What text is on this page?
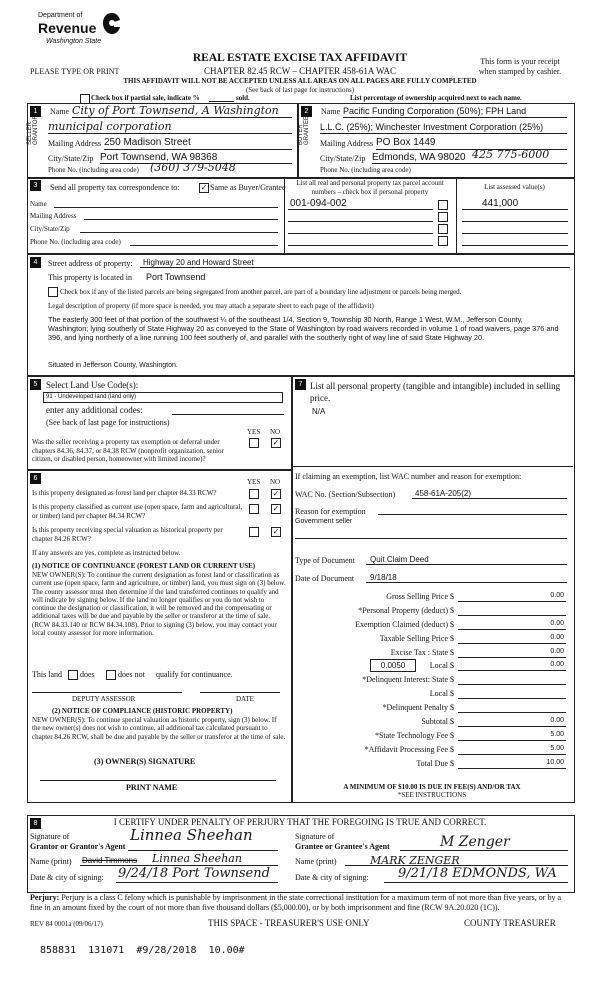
Department of
Revenue
Washington State
PLEASE TYPE OR PRINT
REAL ESTATE EXCISE TAX AFFIDAVIT
CHAPTER 82.45 RCW – CHAPTER 458-61A WAC
This form is your receipt
when stamped by cashier.
THIS AFFIDAVIT WILL NOT BE ACCEPTED UNLESS ALL AREAS ON ALL PAGES ARE FULLY COMPLETED
(See back of last page for instructions)
Check box if partial sale, indicate %	sold.	List percentage of ownership acquired next to each name.
1	2
SELLER GRANTOR	BUYER GRANTEE
Name City of Port Townsend, A Washington
municipal corporation
Mailing Address 250 Madison Street
City/State/Zip Port Townsend, WA 98368
Phone No. (including area code) (360) 379-5048
Name Pacific Funding Corporation (50%); FPH Land
L.L.C. (25%); Winchester Investment Corporation (25%)
Mailing Address PO Box 1449
City/State/Zip Edmonds, WA 98020 425 775-6000
Phone No. (including area code)
3	Send all property tax correspondence to:	✓ Same as Buyer/Grantee
Name
Mailing Address
City/State/Zip
Phone No. (including area code)
List all real and personal property tax parcel account numbers – check box if personal property
List assessed value(s)
001-094-002	441,000
4	Street address of property: Highway 20 and Howard Street
This property is located in Port Townsend
Check box if any of the listed parcels are being segregated from another parcel, are part of a boundary line adjustment or parcels being merged.
Legal description of property (if more space is needed, you may attach a separate sheet to each page of the affidavit)
The easterly 300 feet of that portion of the southwest ¼ of the southeast 1/4, Section 9, Township 30 North, Range 1 West, W.M., Jefferson County, Washington; lying southerly of State Highway 20 as conveyed to the State of Washington by road waivers recorded in volume 1 of road waivers, page 376 and 396, and lying northerly of a line running 100 feet southerly of, and parallel with the southerly right of way line of said State Highway 20.
Situated in Jefferson County, Washington.
5 Select Land Use Code(s):
91 - Undeveloped land (land only)
enter any additional codes:
(See back of last page for instructions)
YES NO
Was the seller receiving a property tax exemption or deferral under chapters 84.36, 84.37, or 84.38 RCW (nonprofit organization, senior citizen, or disabled person, homeowner with limited income)?
✓
6	YES NO
Is this property designated as forest land per chapter 84.33 RCW?	✓
Is this property classified as current use (open space, farm and agricultural, or timber) land per chapter 84.34 RCW?
✓
Is this property receiving special valuation as historical property per chapter 84.26 RCW?
✓
If any answers are yes, complete as instructed below.
(1) NOTICE OF CONTINUANCE (FOREST LAND OR CURRENT USE)
NEW OWNER(S): To continue the current designation as forest land or classification as current use (open space, farm and agriculture, or timber) land, you must sign on (3) below. The county assessor must then determine if the land transferred continues to qualify and will indicate by signing below. If the land no longer qualifies or you do not wish to continue the designation or classification, it will be removed and the compensating or additional taxes will be due and payable by the seller or transferor at the time of sale. (RCW 84.33.140 or RCW 84.34.108). Prior to signing (3) below, you may contact your local county assessor for more information.
This land does	does not qualify for continuance.
DEPUTY ASSESSOR	DATE
(2) NOTICE OF COMPLIANCE (HISTORIC PROPERTY)
NEW OWNER(S): To continue special valuation as historic property, sign (3) below. If the new owner(s) does not wish to continue, all additional tax calculated pursuant to chapter 84.26 RCW, shall be due and payable by the seller or transferor at the time of sale.
(3) OWNER(S) SIGNATURE
PRINT NAME
7 List all personal property (tangible and intangible) included in selling price.
N/A
If claiming an exemption, list WAC number and reason for exemption:
WAC No. (Section/Subsection) 458-61A-205(2)
Reason for exemption
Government seller
Type of Document Quit Claim Deed
Date of Document 9/18/18
Gross Selling Price $	0.00
*Personal Property (deduct) $
Exemption Claimed (deduct) $	0.00
Taxable Selling Price $	0.00
Excise Tax : State $	0.00
0.0050	Local $	0.00
*Delinquent Interest: State $
Local $
*Delinquent Penalty $
Subtotal $	0.00
*State Technology Fee $	5.00
*Affidavit Processing Fee $	5.00
Total Due $	10.00
A MINIMUM OF $10.00 IS DUE IN FEE(S) AND/OR TAX
*SEE INSTRUCTIONS
8	I CERTIFY UNDER PENALTY OF PERJURY THAT THE FOREGOING IS TRUE AND CORRECT.
Signature of
Grantor or Grantor's Agent
Linnea Sheehan
Name (print) David Timmons Linnea Sheehan
Date & city of signing: 9/24/18 Port Townsend
Signature of
Grantee or Grantee's Agent	M Zenger
Name (print)	MARK ZENGER
Date & city of signing: 9/21/18 EDMONDS, WA
Perjury: Perjury is a class C felony which is punishable by imprisonment in the state correctional institution for a maximum term of not more than five years, or by a fine in an amount fixed by the court of not more than five thousand dollars ($5,000.00), or by both imprisonment and fine (RCW 9A.20.020 (1C)).
REV 84 0001a (09/06/17)	THIS SPACE - TREASURER'S USE ONLY	COUNTY TREASURER
858831  131071  #9/28/2018  10.00#
